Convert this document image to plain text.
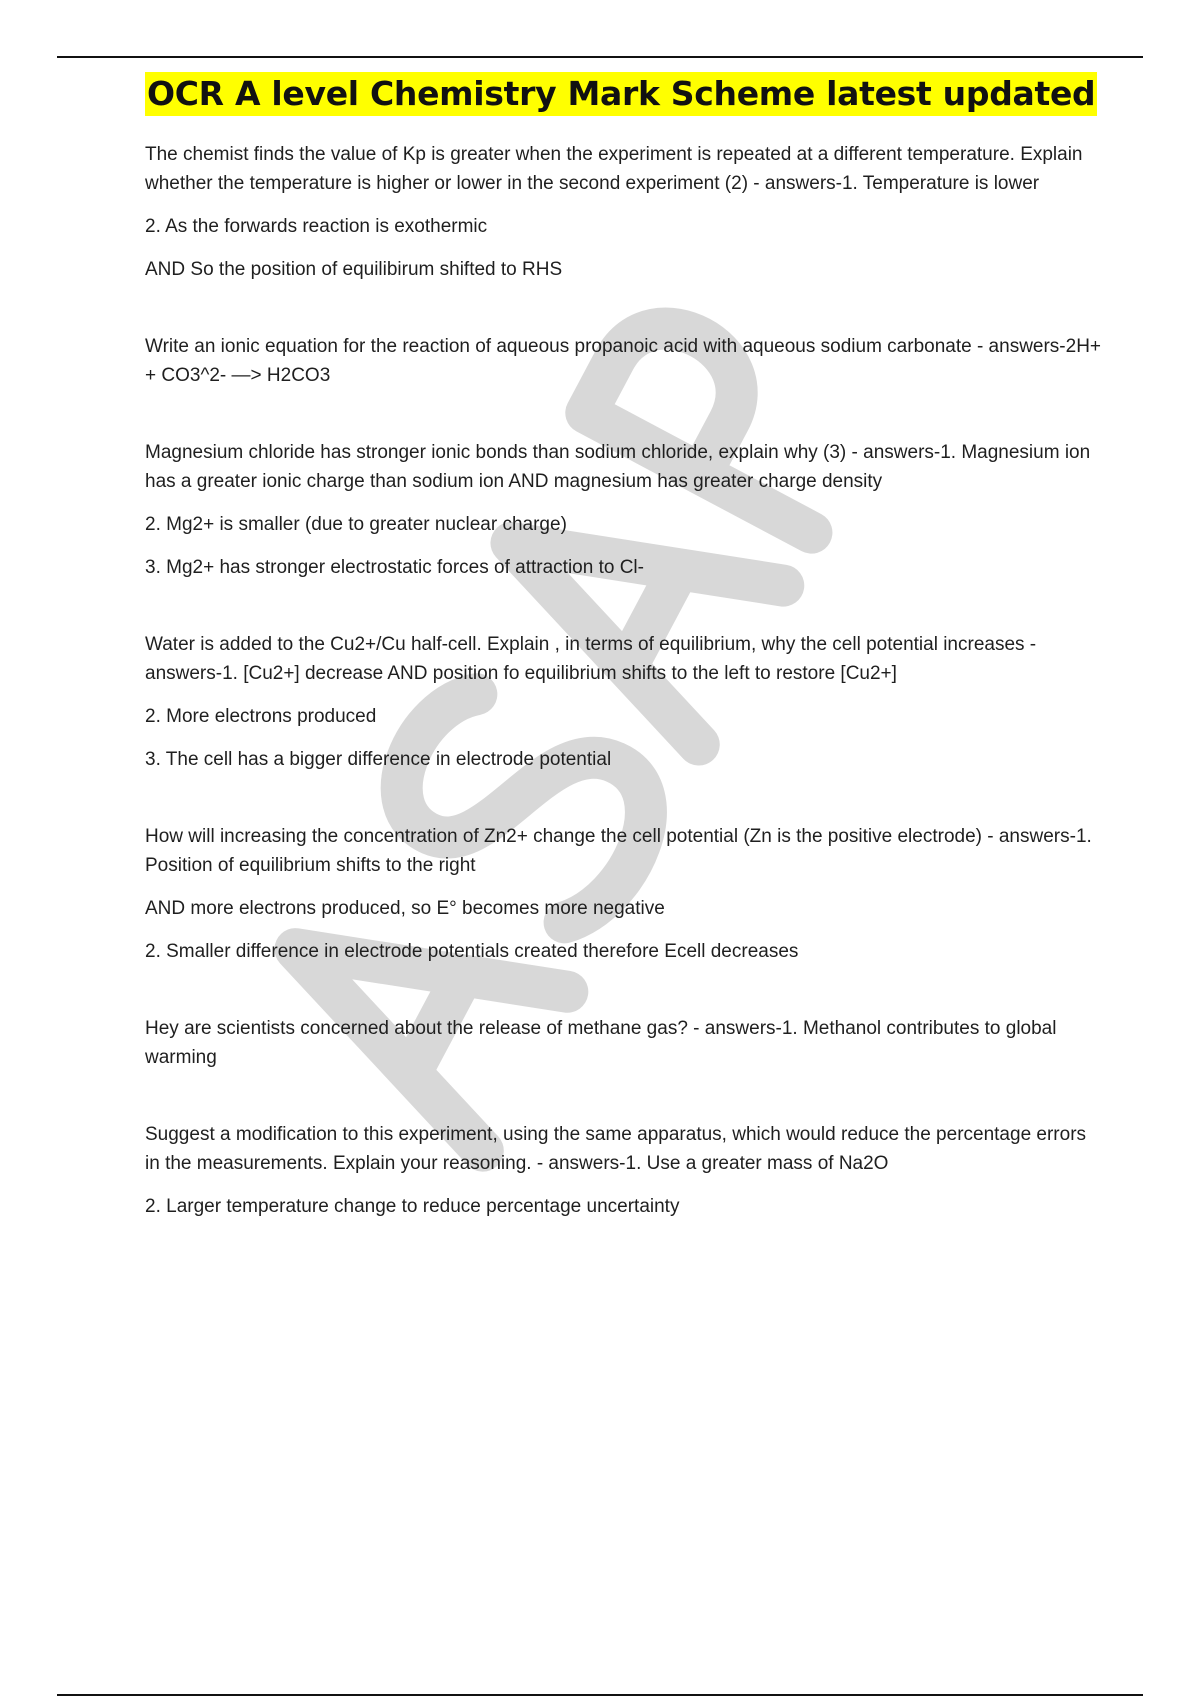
OCR A level Chemistry Mark Scheme latest updated

The chemist finds the value of Kp is greater when the experiment is repeated at a different temperature. Explain whether the temperature is higher or lower in the second experiment (2) - answers-1. Temperature is lower

2. As the forwards reaction is exothermic

AND So the position of equilibirum shifted to RHS

Write an ionic equation for the reaction of aqueous propanoic acid with aqueous sodium carbonate - answers-2H+ + CO3^2- —> H2CO3

Magnesium chloride has stronger ionic bonds than sodium chloride, explain why (3) - answers-1. Magnesium ion has a greater ionic charge than sodium ion AND magnesium has greater charge density

2. Mg2+ is smaller (due to greater nuclear charge)

3. Mg2+ has stronger electrostatic forces of attraction to Cl-

Water is added to the Cu2+/Cu half-cell. Explain , in terms of equilibrium, why the cell potential increases - answers-1. [Cu2+] decrease AND position fo equilibrium shifts to the left to restore [Cu2+]

2. More electrons produced

3. The cell has a bigger difference in electrode potential

How will increasing the concentration of Zn2+ change the cell potential (Zn is the positive electrode) - answers-1. Position of equilibrium shifts to the right

AND more electrons produced, so E° becomes more negative

2. Smaller difference in electrode potentials created therefore Ecell decreases

Hey are scientists concerned about the release of methane gas? - answers-1. Methanol contributes to global warming

Suggest a modification to this experiment, using the same apparatus, which would reduce the percentage errors in the measurements. Explain your reasoning. - answers-1. Use a greater mass of Na2O

2. Larger temperature change to reduce percentage uncertainty
